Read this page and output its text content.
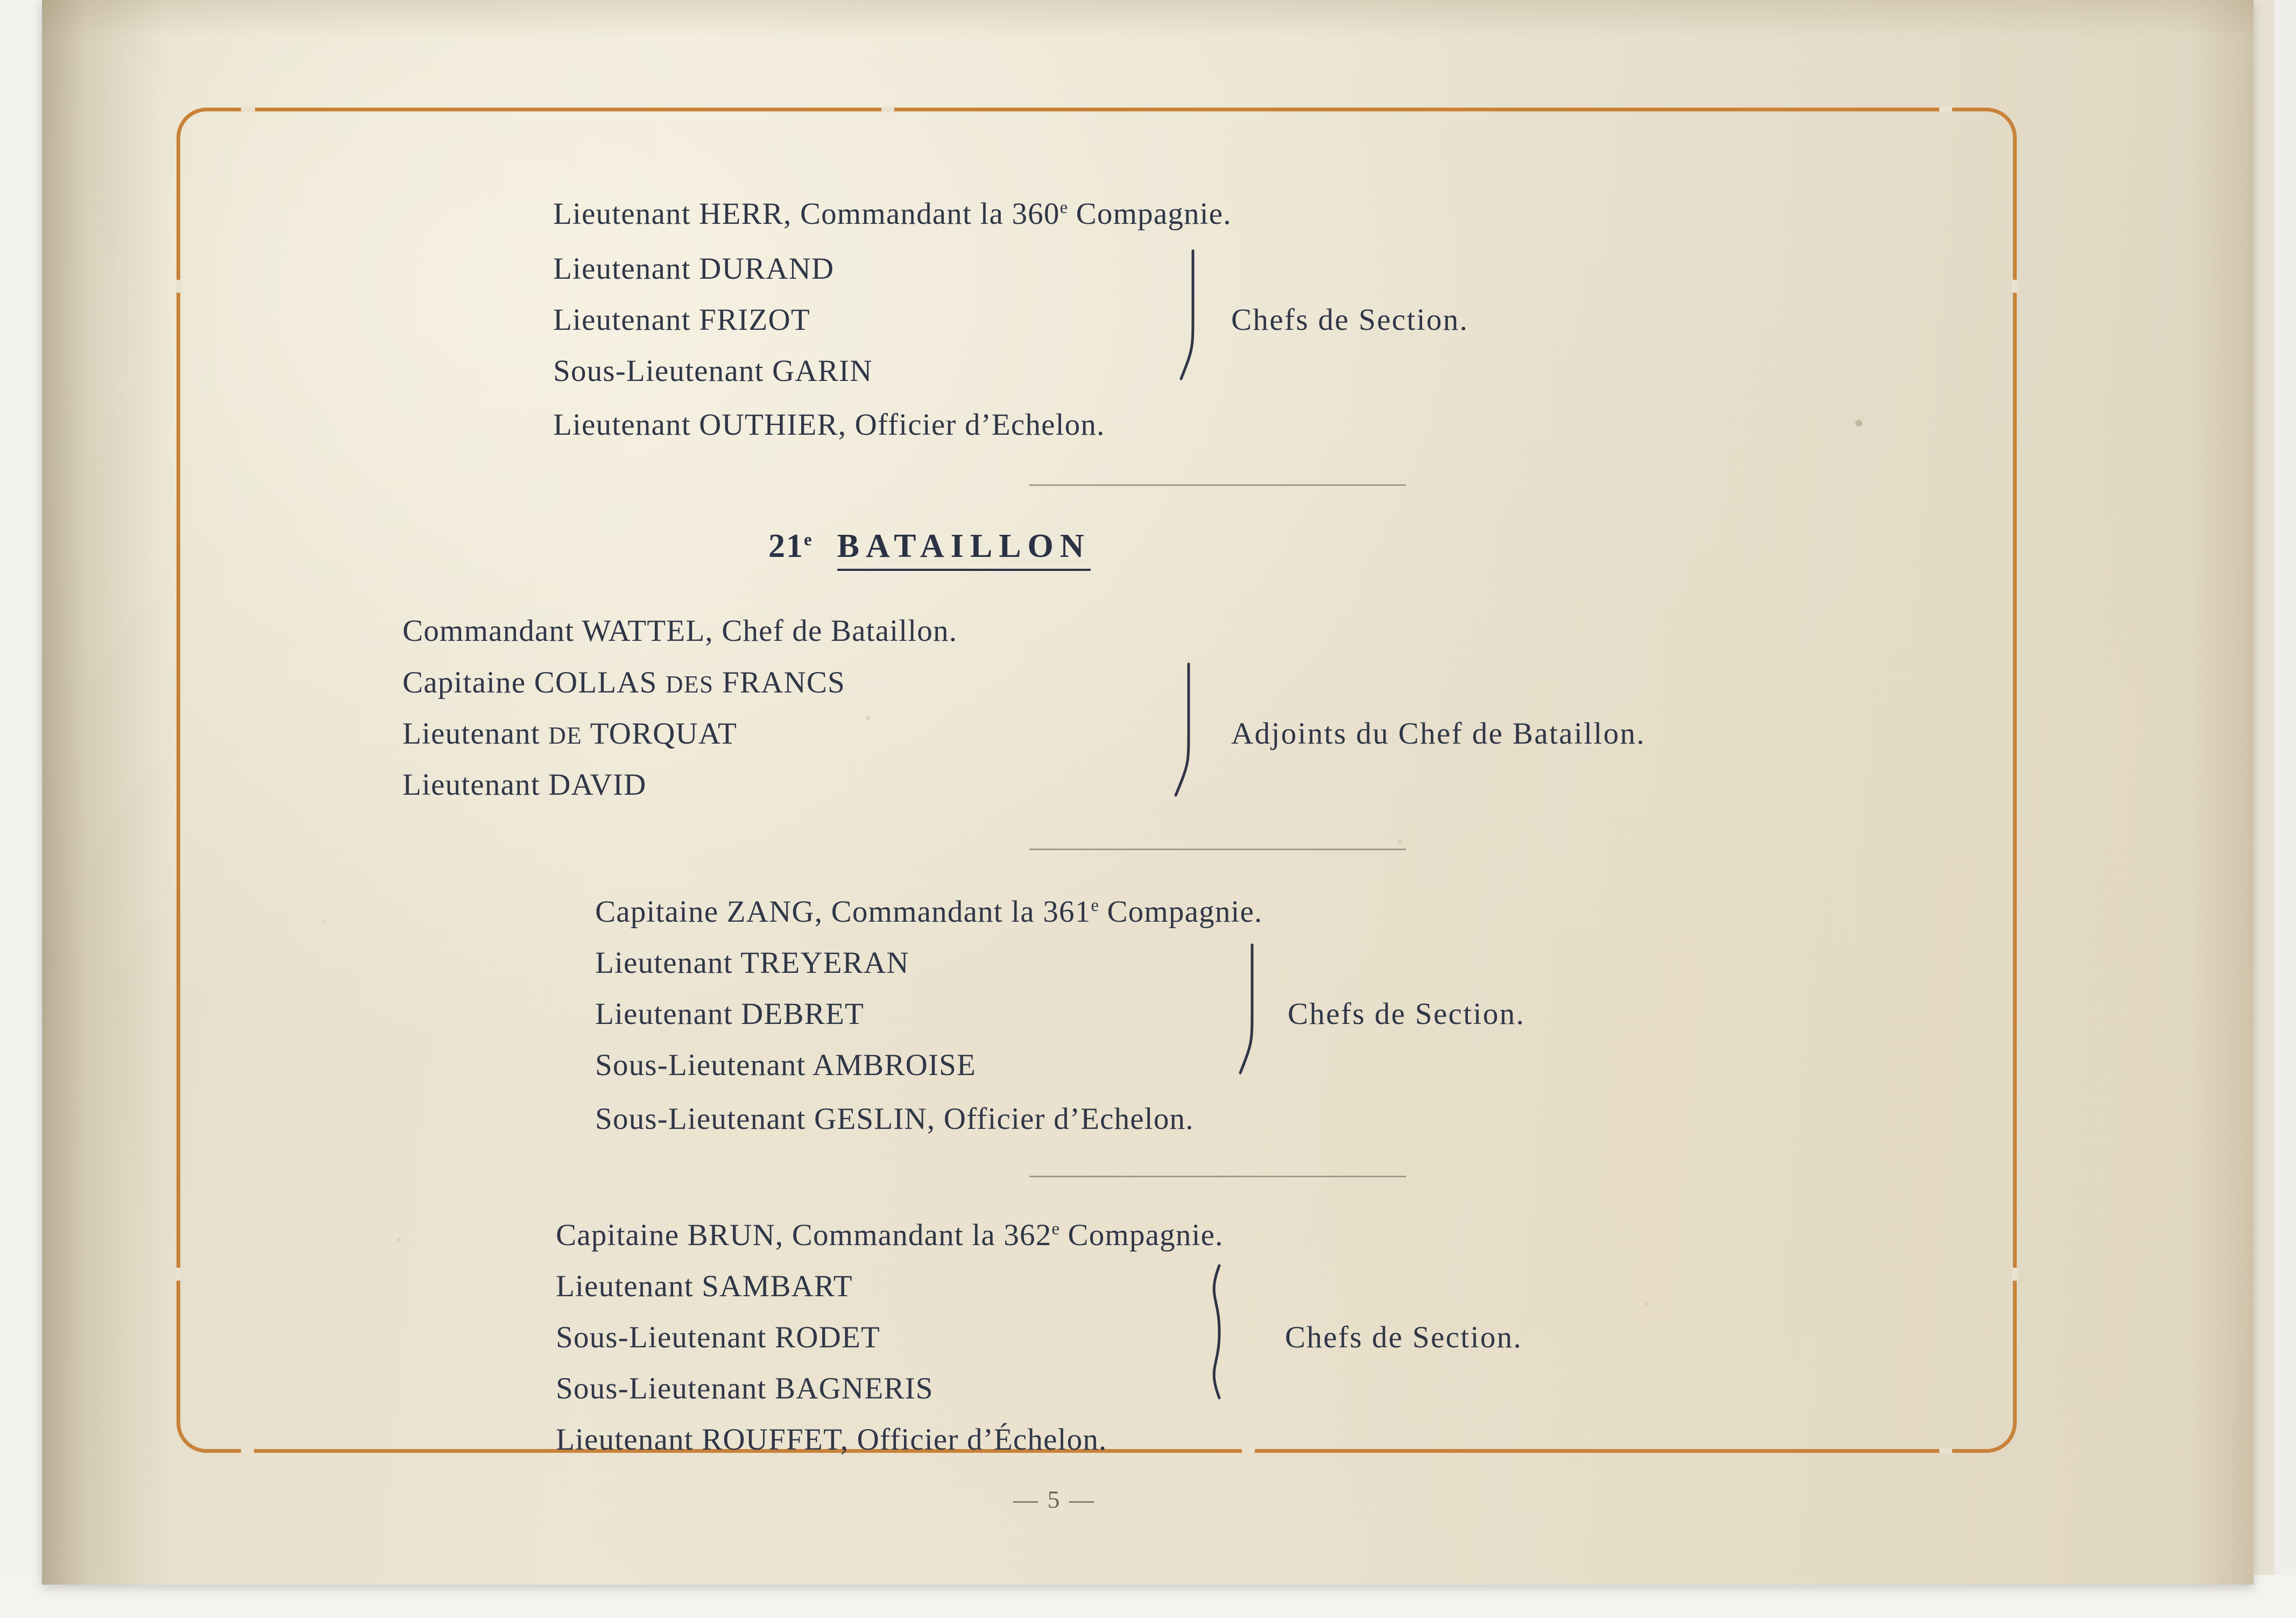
Lieutenant HERR, Commandant la 360e Compagnie.
Lieutenant DURAND
Lieutenant FRIZOT
Sous-Lieutenant GARIN
Chefs de Section.
Lieutenant OUTHIER, Officier d’Echelon.
21e BATAILLON
Commandant WATTEL, Chef de Bataillon.
Capitaine COLLAS DES FRANCS
Lieutenant DE TORQUAT
Lieutenant DAVID
Adjoints du Chef de Bataillon.
Capitaine ZANG, Commandant la 361e Compagnie.
Lieutenant TREYERAN
Lieutenant DEBRET
Sous-Lieutenant AMBROISE
Chefs de Section.
Sous-Lieutenant GESLIN, Officier d’Echelon.
Capitaine BRUN, Commandant la 362e Compagnie.
Lieutenant SAMBART
Sous-Lieutenant RODET
Sous-Lieutenant BAGNERIS
Chefs de Section.
Lieutenant ROUFFET, Officier d’Échelon.
— 5 —
